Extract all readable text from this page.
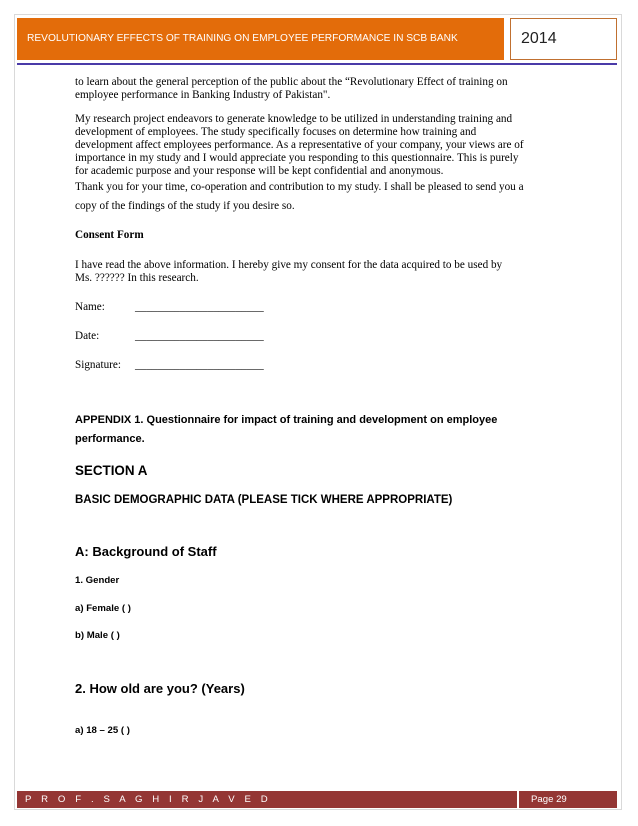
REVOLUTIONARY EFFECTS OF TRAINING ON EMPLOYEE PERFORMANCE IN SCB BANK	2014
to learn about the general perception of the public about the “Revolutionary Effect of training on
employee performance in Banking Industry of Pakistan".
My research project endeavors to generate knowledge to be utilized in understanding training and
development of employees. The study specifically focuses on determine how training and
development affect employees performance. As a representative of your company, your views are of
importance in my study and I would appreciate you responding to this questionnaire. This is purely
for academic purpose and your response will be kept confidential and anonymous.
Thank you for your time, co-operation and contribution to my study. I shall be pleased to send you a
copy of the findings of the study if you desire so.
Consent Form
I have read the above information. I hereby give my consent for the data acquired to be used by
Ms. ?????? In this research.
Name:	_______________________
Date:	_______________________
Signature: _______________________
APPENDIX 1. Questionnaire for impact of training and development on employee
performance.
SECTION A
BASIC DEMOGRAPHIC DATA (PLEASE TICK WHERE APPROPRIATE)
A: Background of Staff
1. Gender
a) Female ( )
b) Male ( )
2. How old are you? (Years)
a) 18 – 25 ( )
P R O F . S A G H I R J A V E D	Page 29
